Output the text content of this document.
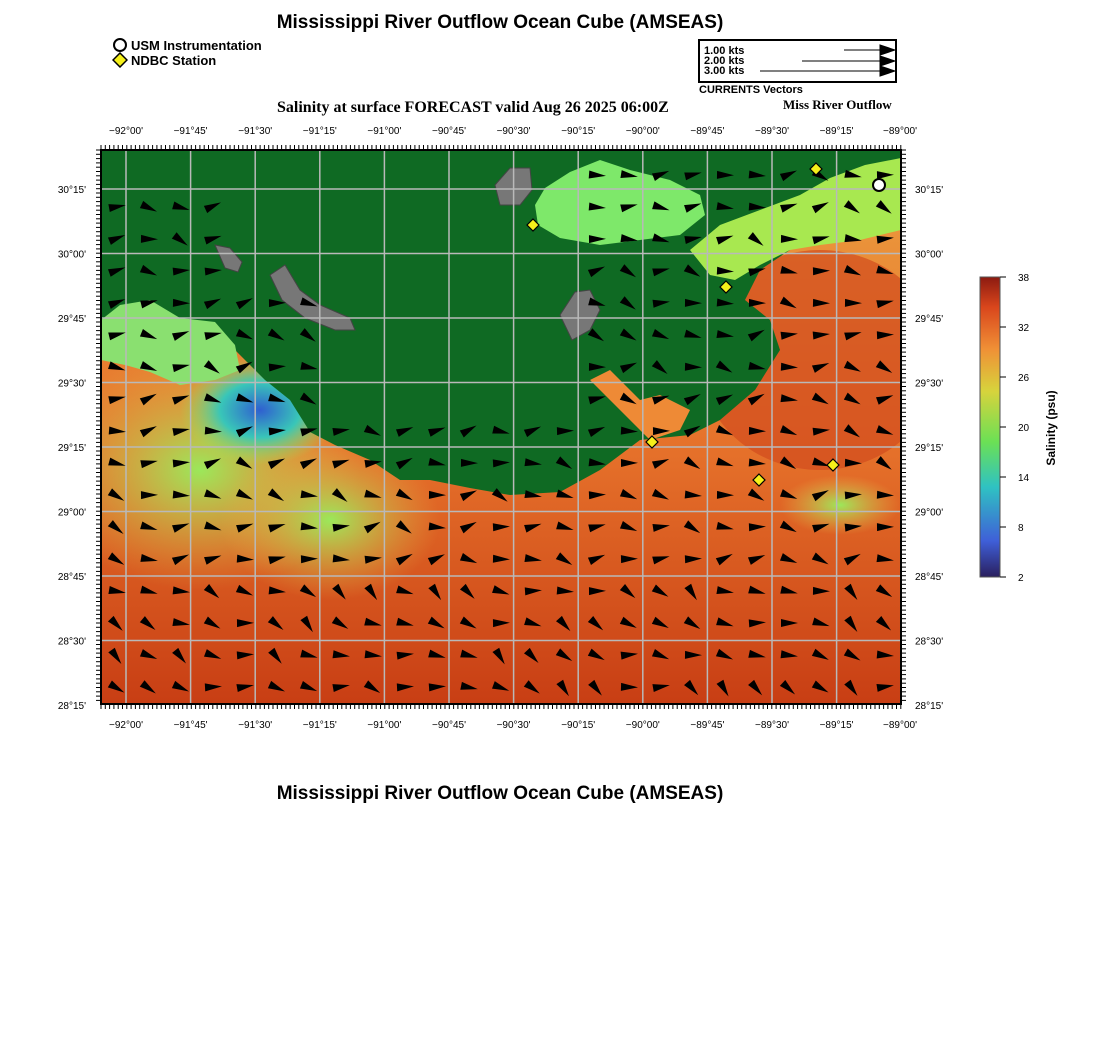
Mississippi River Outflow Ocean Cube (AMSEAS)
USM Instrumentation
NDBC Station
1.00 kts
2.00 kts
3.00 kts
CURRENTS Vectors
Salinity at surface FORECAST valid Aug 26 2025 06:00Z	Miss River Outflow
−92°00'	−91°45'	−91°30'	−91°15'	−91°00'	−90°45'	−90°30'	−90°15'	−90°00'	−89°45'	−89°30'	−89°15'	−89°00'
−92°00'	−91°45'	−91°30'	−91°15'	−91°00'	−90°45'	−90°30'	−90°15'	−90°00'	−89°45'	−89°30'	−89°15'	−89°00'
30°15'
30°00'
29°45'
29°30'
29°15'
29°00'
28°45'
28°30'
28°15'
30°15'
30°00'
29°45'
29°30'
29°15'
29°00'
28°45'
28°30'
28°15'
38
32
26
20
14
8
2
Salinity (psu)
Mississippi River Outflow Ocean Cube (AMSEAS)
